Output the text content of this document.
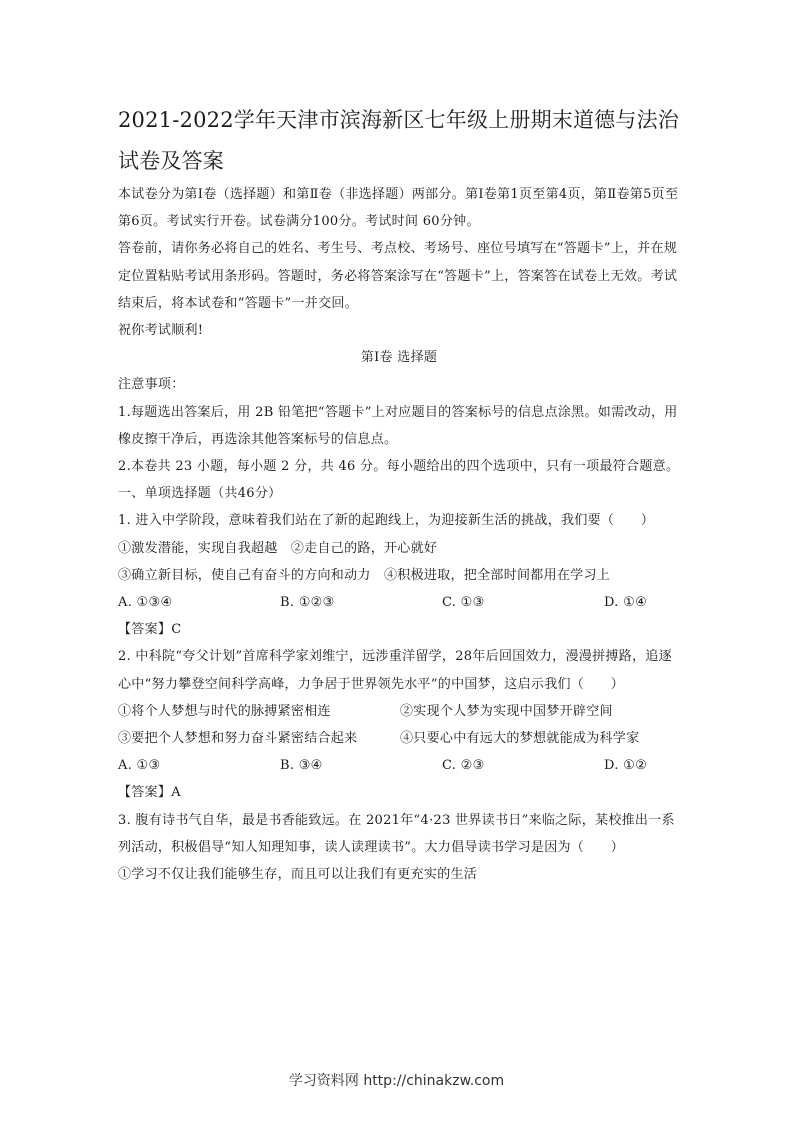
2021-2022学年天津市滨海新区七年级上册期末道德与法治试卷及答案

本试卷分为第Ⅰ卷（选择题）和第Ⅱ卷（非选择题）两部分。第Ⅰ卷第1页至第4页，第Ⅱ卷第5页至第6页。考试实行开卷。试卷满分100分。考试时间 60分钟。

答卷前，请你务必将自己的姓名、考生号、考点校、考场号、座位号填写在“答题卡”上，并在规定位置粘贴考试用条形码。答题时，务必将答案涂写在“答题卡”上，答案答在试卷上无效。考试结束后，将本试卷和“答题卡”一并交回。

祝你考试顺利!

第Ⅰ卷 选择题

注意事项：

1.每题选出答案后，用 2B 铅笔把“答题卡”上对应题目的答案标号的信息点涂黑。如需改动，用橡皮擦干净后，再选涂其他答案标号的信息点。

2.本卷共 23 小题，每小题 2 分，共 46 分。每小题给出的四个选项中，只有一项最符合题意。

一、单项选择题（共46分）

1. 进入中学阶段，意味着我们站在了新的起跑线上，为迎接新生活的挑战，我们要（　　）

①激发潜能，实现自我超越　②走自己的路，开心就好

③确立新目标，使自己有奋斗的方向和动力　④积极进取，把全部时间都用在学习上

A. ①③④	B. ①②③	C. ①③	D. ①④

【答案】C

2. 中科院“夸父计划”首席科学家刘维宁，远涉重洋留学，28年后回国效力，漫漫拼搏路，追逐心中“努力攀登空间科学高峰，力争居于世界领先水平”的中国梦，这启示我们（　　）

①将个人梦想与时代的脉搏紧密相连	②实现个人梦为实现中国梦开辟空间
③要把个人梦想和努力奋斗紧密结合起来	④只要心中有远大的梦想就能成为科学家
A. ①③	B. ③④	C. ②③	D. ①②

【答案】A

3. 腹有诗书气自华，最是书香能致远。在 2021年“4·23 世界读书日”来临之际，某校推出一系列活动，积极倡导“知人知理知事，读人读理读书”。大力倡导读书学习是因为（　　）

①学习不仅让我们能够生存，而且可以让我们有更充实的生活

学习资料网 http://chinakzw.com
